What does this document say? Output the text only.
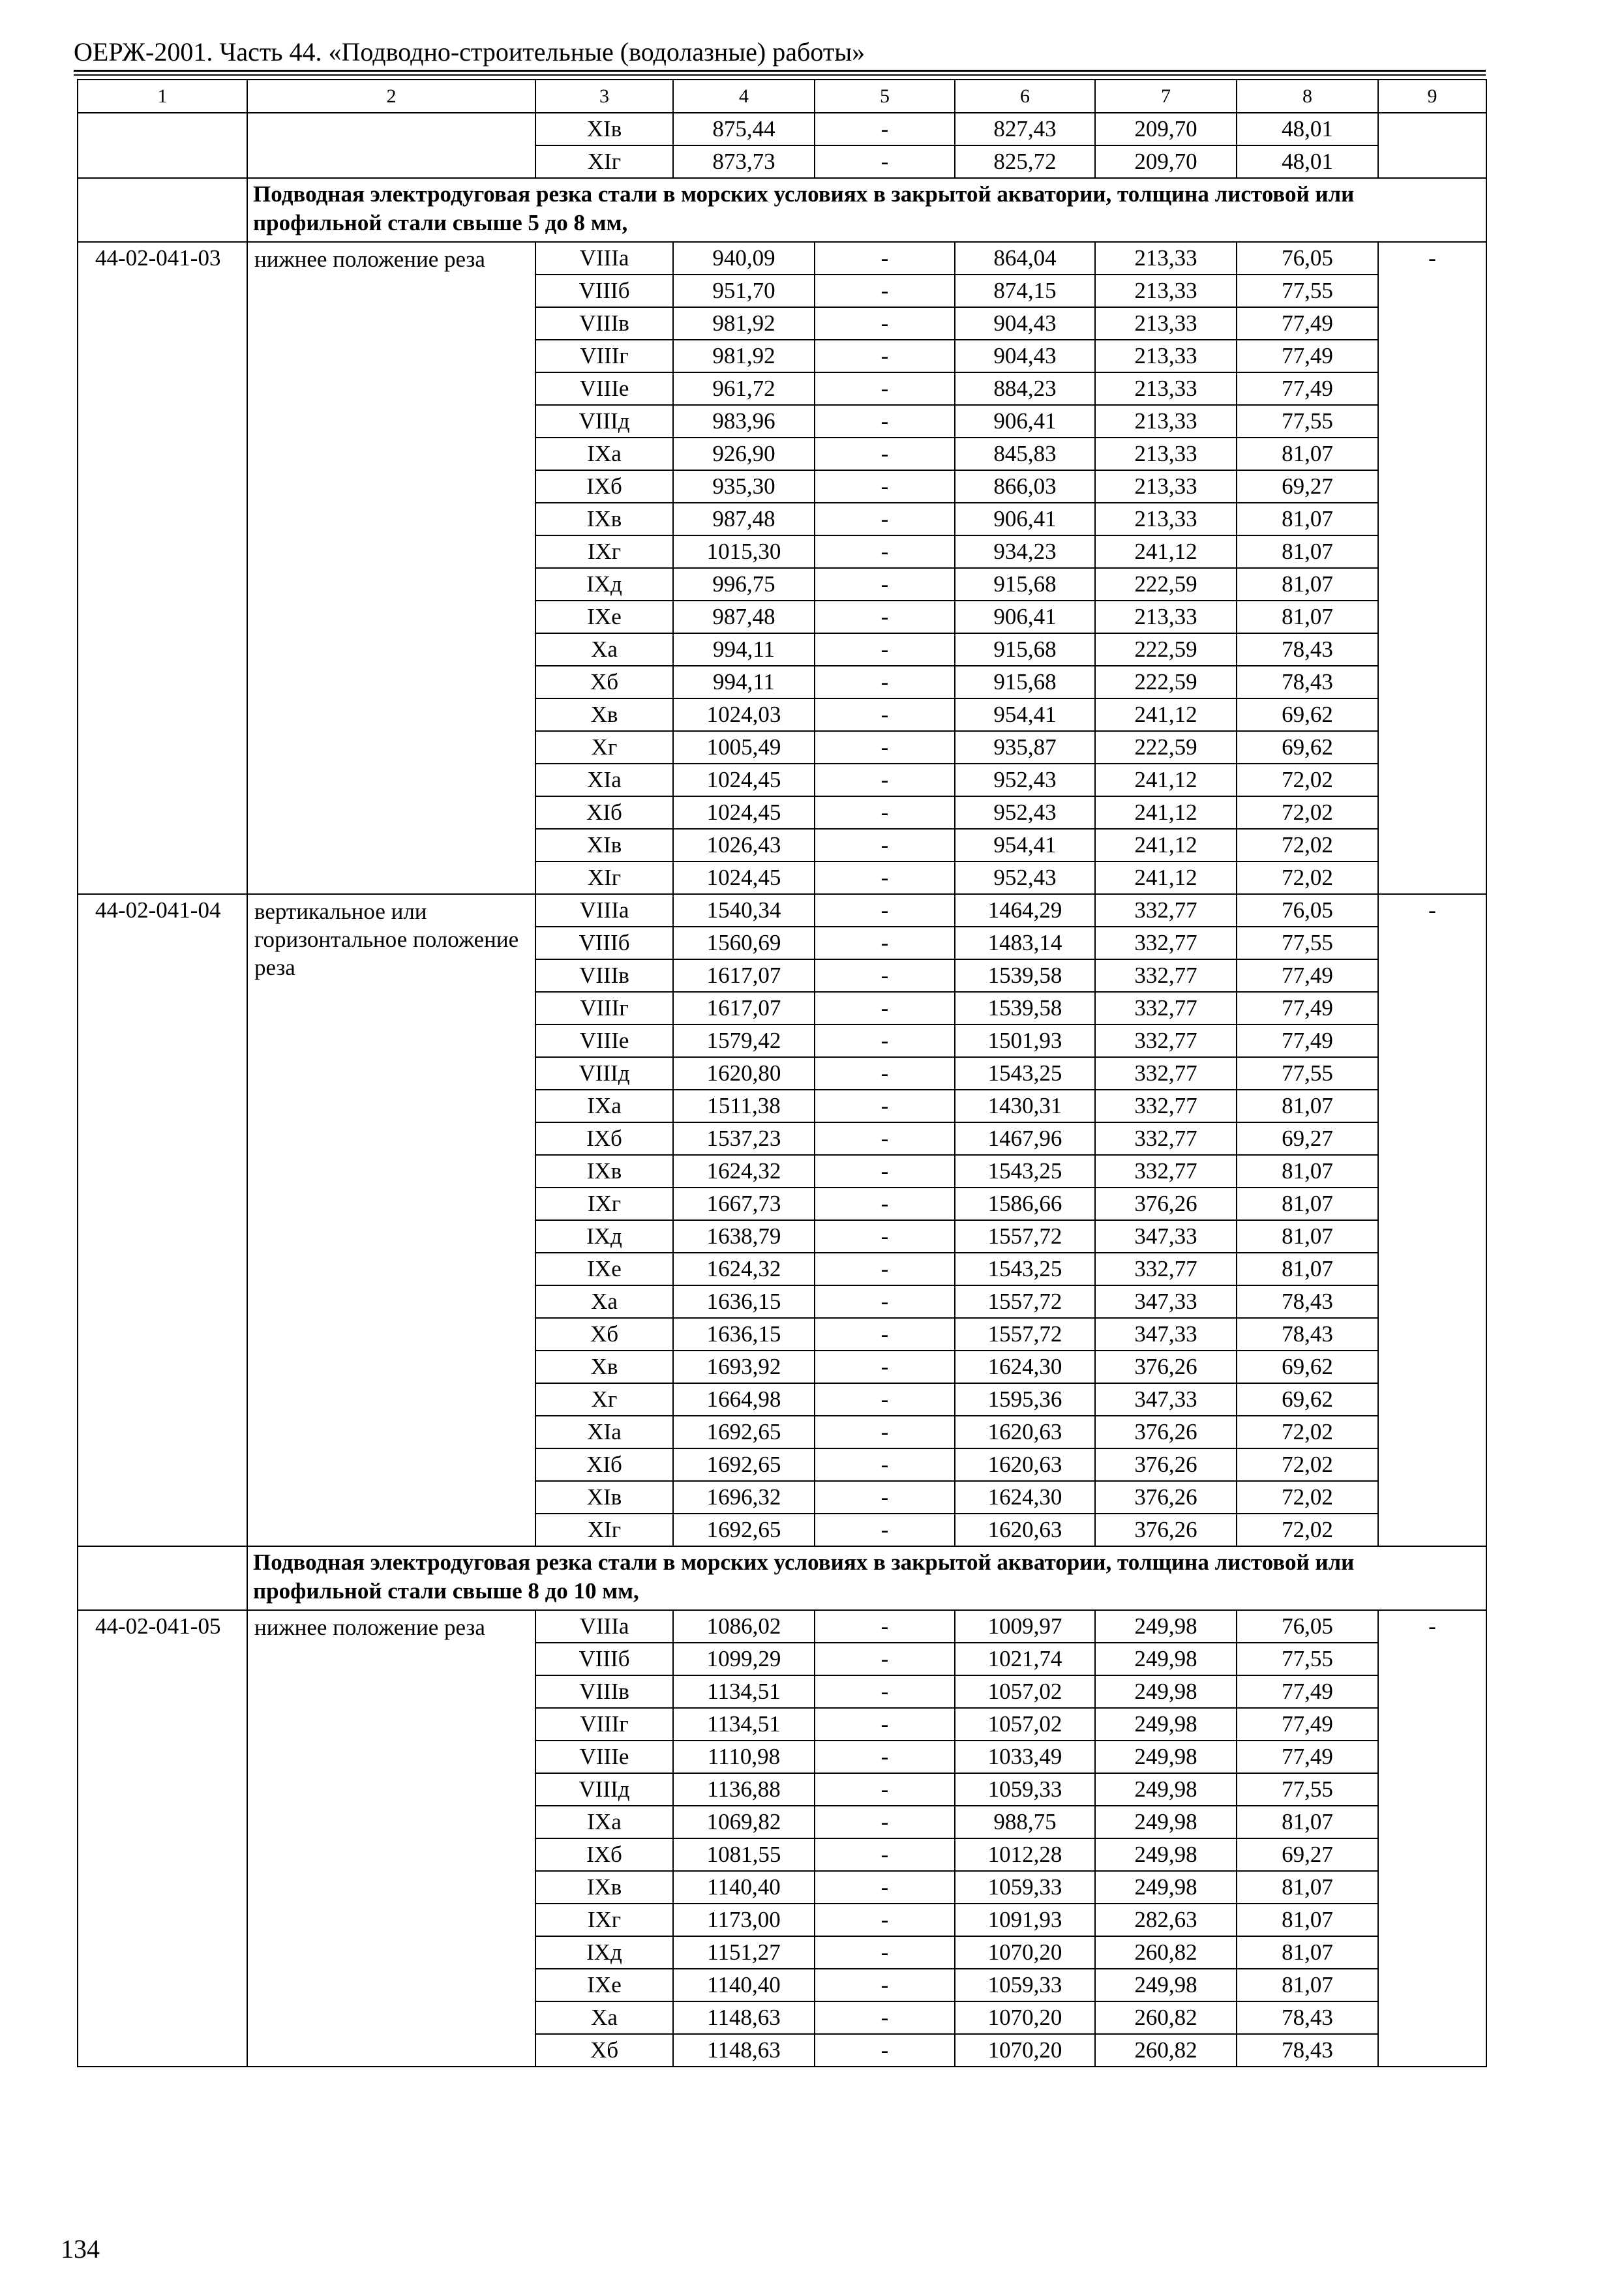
ОЕРЖ-2001. Часть 44. «Подводно-строительные (водолазные) работы»
1	2	3	4	5	6	7	8	9
		XIв	875,44	-	827,43	209,70	48,01	
		XIг	873,73	-	825,72	209,70	48,01	
	Подводная электродуговая резка стали в морских условиях в закрытой акватории, толщина листовой или профильной стали свыше 5 до 8 мм,							
44-02-041-03	нижнее положение реза	VIIIa	940,09	-	864,04	213,33	76,05	-
		VIIIб	951,70	-	874,15	213,33	77,55	
		VIIIв	981,92	-	904,43	213,33	77,49	
		VIIIг	981,92	-	904,43	213,33	77,49	
		VIIIе	961,72	-	884,23	213,33	77,49	
		VIIIд	983,96	-	906,41	213,33	77,55	
		IXa	926,90	-	845,83	213,33	81,07	
		IXб	935,30	-	866,03	213,33	69,27	
		IXв	987,48	-	906,41	213,33	81,07	
		IXг	1015,30	-	934,23	241,12	81,07	
		IXд	996,75	-	915,68	222,59	81,07	
		IXе	987,48	-	906,41	213,33	81,07	
		Xa	994,11	-	915,68	222,59	78,43	
		Xб	994,11	-	915,68	222,59	78,43	
		Xв	1024,03	-	954,41	241,12	69,62	
		Xг	1005,49	-	935,87	222,59	69,62	
		XIa	1024,45	-	952,43	241,12	72,02	
		XIб	1024,45	-	952,43	241,12	72,02	
		XIв	1026,43	-	954,41	241,12	72,02	
		XIг	1024,45	-	952,43	241,12	72,02	
44-02-041-04	вертикальное или горизонтальное положение реза	VIIIa	1540,34	-	1464,29	332,77	76,05	-
		VIIIб	1560,69	-	1483,14	332,77	77,55	
		VIIIв	1617,07	-	1539,58	332,77	77,49	
		VIIIг	1617,07	-	1539,58	332,77	77,49	
		VIIIе	1579,42	-	1501,93	332,77	77,49	
		VIIIд	1620,80	-	1543,25	332,77	77,55	
		IXa	1511,38	-	1430,31	332,77	81,07	
		IXб	1537,23	-	1467,96	332,77	69,27	
		IXв	1624,32	-	1543,25	332,77	81,07	
		IXг	1667,73	-	1586,66	376,26	81,07	
		IXд	1638,79	-	1557,72	347,33	81,07	
		IXе	1624,32	-	1543,25	332,77	81,07	
		Xa	1636,15	-	1557,72	347,33	78,43	
		Xб	1636,15	-	1557,72	347,33	78,43	
		Xв	1693,92	-	1624,30	376,26	69,62	
		Xг	1664,98	-	1595,36	347,33	69,62	
		XIa	1692,65	-	1620,63	376,26	72,02	
		XIб	1692,65	-	1620,63	376,26	72,02	
		XIв	1696,32	-	1624,30	376,26	72,02	
		XIг	1692,65	-	1620,63	376,26	72,02	
	Подводная электродуговая резка стали в морских условиях в закрытой акватории, толщина листовой или профильной стали свыше 8 до 10 мм,							
44-02-041-05	нижнее положение реза	VIIIa	1086,02	-	1009,97	249,98	76,05	-
		VIIIб	1099,29	-	1021,74	249,98	77,55	
		VIIIв	1134,51	-	1057,02	249,98	77,49	
		VIIIг	1134,51	-	1057,02	249,98	77,49	
		VIIIе	1110,98	-	1033,49	249,98	77,49	
		VIIIд	1136,88	-	1059,33	249,98	77,55	
		IXa	1069,82	-	988,75	249,98	81,07	
		IXб	1081,55	-	1012,28	249,98	69,27	
		IXв	1140,40	-	1059,33	249,98	81,07	
		IXг	1173,00	-	1091,93	282,63	81,07	
		IXд	1151,27	-	1070,20	260,82	81,07	
		IXе	1140,40	-	1059,33	249,98	81,07	
		Xa	1148,63	-	1070,20	260,82	78,43	
		Xб	1148,63	-	1070,20	260,82	78,43	
134
